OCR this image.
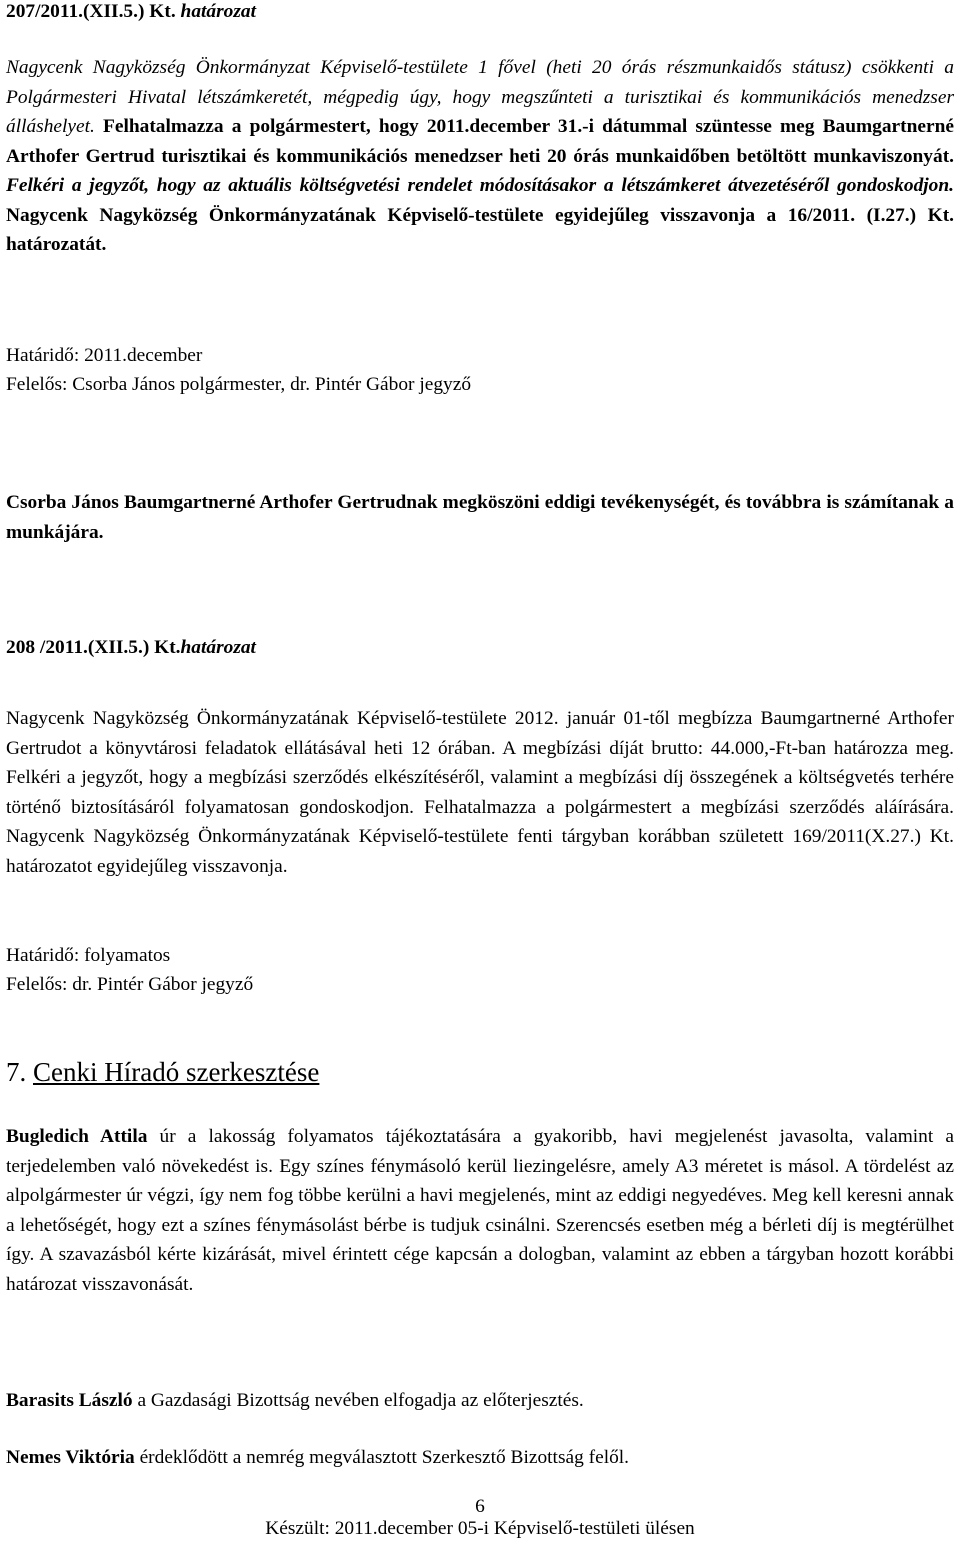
207/2011.(XII.5.) Kt. határozat

Nagycenk Nagyközség Önkormányzat Képviselő-testülete 1 fővel (heti 20 órás részmunkaidős státusz) csökkenti a Polgármesteri Hivatal létszámkeretét, mégpedig úgy, hogy megszűnteti a turisztikai és kommunikációs menedzser álláshelyet. Felhatalmazza a polgármestert, hogy 2011.december 31.-i dátummal szüntesse meg Baumgartnerné Arthofer Gertrud turisztikai és kommunikációs menedzser heti 20 órás munkaidőben betöltött munkaviszonyát. Felkéri a jegyzőt, hogy az aktuális költségvetési rendelet módosításakor a létszámkeret átvezetéséről gondoskodjon. Nagycenk Nagyközség Önkormányzatának Képviselő-testülete egyidejűleg visszavonja a 16/2011. (I.27.) Kt. határozatát.

Határidő: 2011.december
Felelős: Csorba János polgármester, dr. Pintér Gábor jegyző

Csorba János Baumgartnerné Arthofer Gertrudnak megköszöni eddigi tevékenységét, és továbbra is számítanak a munkájára.

208 /2011.(XII.5.) Kt.határozat

Nagycenk Nagyközség Önkormányzatának Képviselő-testülete 2012. január 01-től megbízza Baumgartnerné Arthofer Gertrudot a könyvtárosi feladatok ellátásával heti 12 órában. A megbízási díját brutto: 44.000,-Ft-ban határozza meg. Felkéri a jegyzőt, hogy a megbízási szerződés elkészítéséről, valamint a megbízási díj összegének a költségvetés terhére történő biztosításáról folyamatosan gondoskodjon. Felhatalmazza a polgármestert a megbízási szerződés aláírására. Nagycenk Nagyközség Önkormányzatának Képviselő-testülete fenti tárgyban korábban született 169/2011(X.27.) Kt. határozatot egyidejűleg visszavonja.

Határidő: folyamatos
Felelős: dr. Pintér Gábor jegyző
7. Cenki Híradó szerkesztése

Bugledich Attila úr a lakosság folyamatos tájékoztatására a gyakoribb, havi megjelenést javasolta, valamint a terjedelemben való növekedést is. Egy színes fénymásoló kerül liezingelésre, amely A3 méretet is másol. A tördelést az alpolgármester úr végzi, így nem fog többe kerülni a havi megjelenés, mint az eddigi negyedéves. Meg kell keresni annak a lehetőségét, hogy ezt a színes fénymásolást bérbe is tudjuk csinálni. Szerencsés esetben még a bérleti díj is megtérülhet így. A szavazásból kérte kizárását, mivel érintett cége kapcsán a dologban, valamint az ebben a tárgyban hozott korábbi határozat visszavonását.

Barasits László a Gazdasági Bizottság nevében elfogadja az előterjesztés.

Nemes Viktória érdeklődött a nemrég megválasztott Szerkesztő Bizottság felől.

6
Készült: 2011.december 05-i Képviselő-testületi ülésen
